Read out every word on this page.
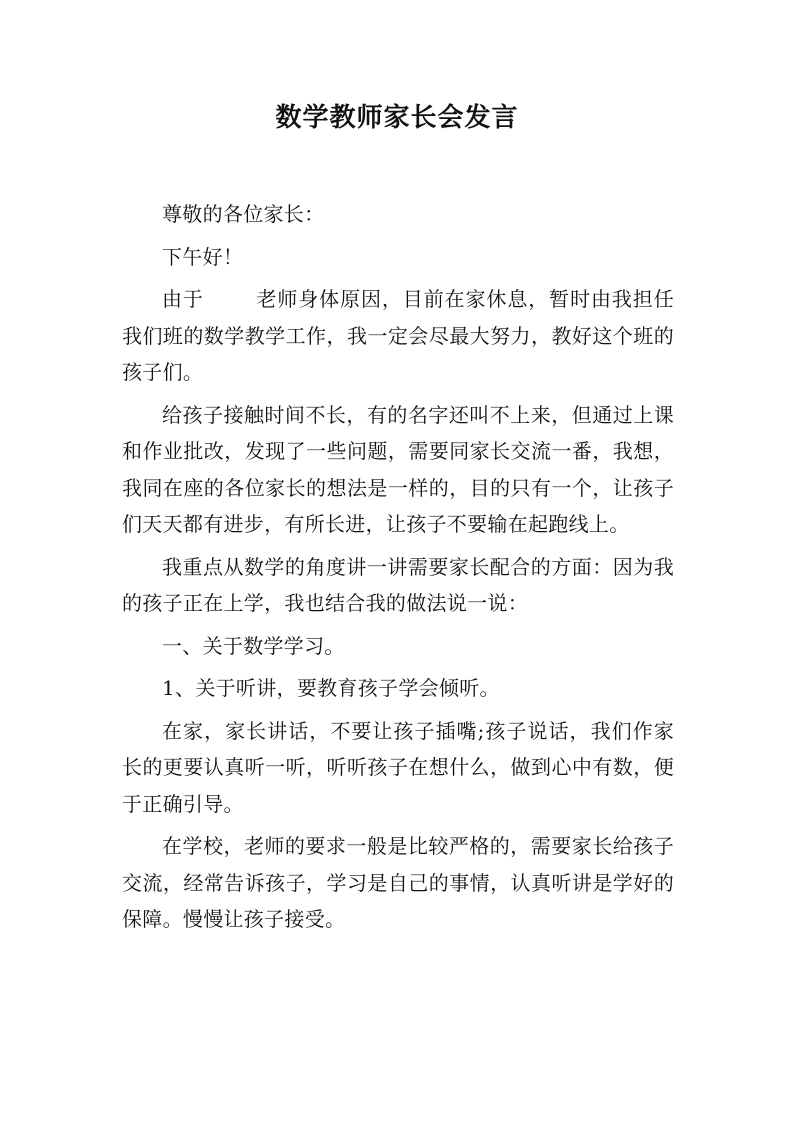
数学教师家长会发言

尊敬的各位家长：

下午好！

由于	老师身体原因，目前在家休息，暂时由我担任我们班的数学教学工作，我一定会尽最大努力，教好这个班的孩子们。

给孩子接触时间不长，有的名字还叫不上来，但通过上课和作业批改，发现了一些问题，需要同家长交流一番，我想，我同在座的各位家长的想法是一样的，目的只有一个，让孩子们天天都有进步，有所长进，让孩子不要输在起跑线上。

我重点从数学的角度讲一讲需要家长配合的方面：因为我的孩子正在上学，我也结合我的做法说一说：

一、关于数学学习。

1、关于听讲，要教育孩子学会倾听。

在家，家长讲话，不要让孩子插嘴;孩子说话，我们作家长的更要认真听一听，听听孩子在想什么，做到心中有数，便于正确引导。

在学校，老师的要求一般是比较严格的，需要家长给孩子交流，经常告诉孩子，学习是自己的事情，认真听讲是学好的保障。慢慢让孩子接受。
